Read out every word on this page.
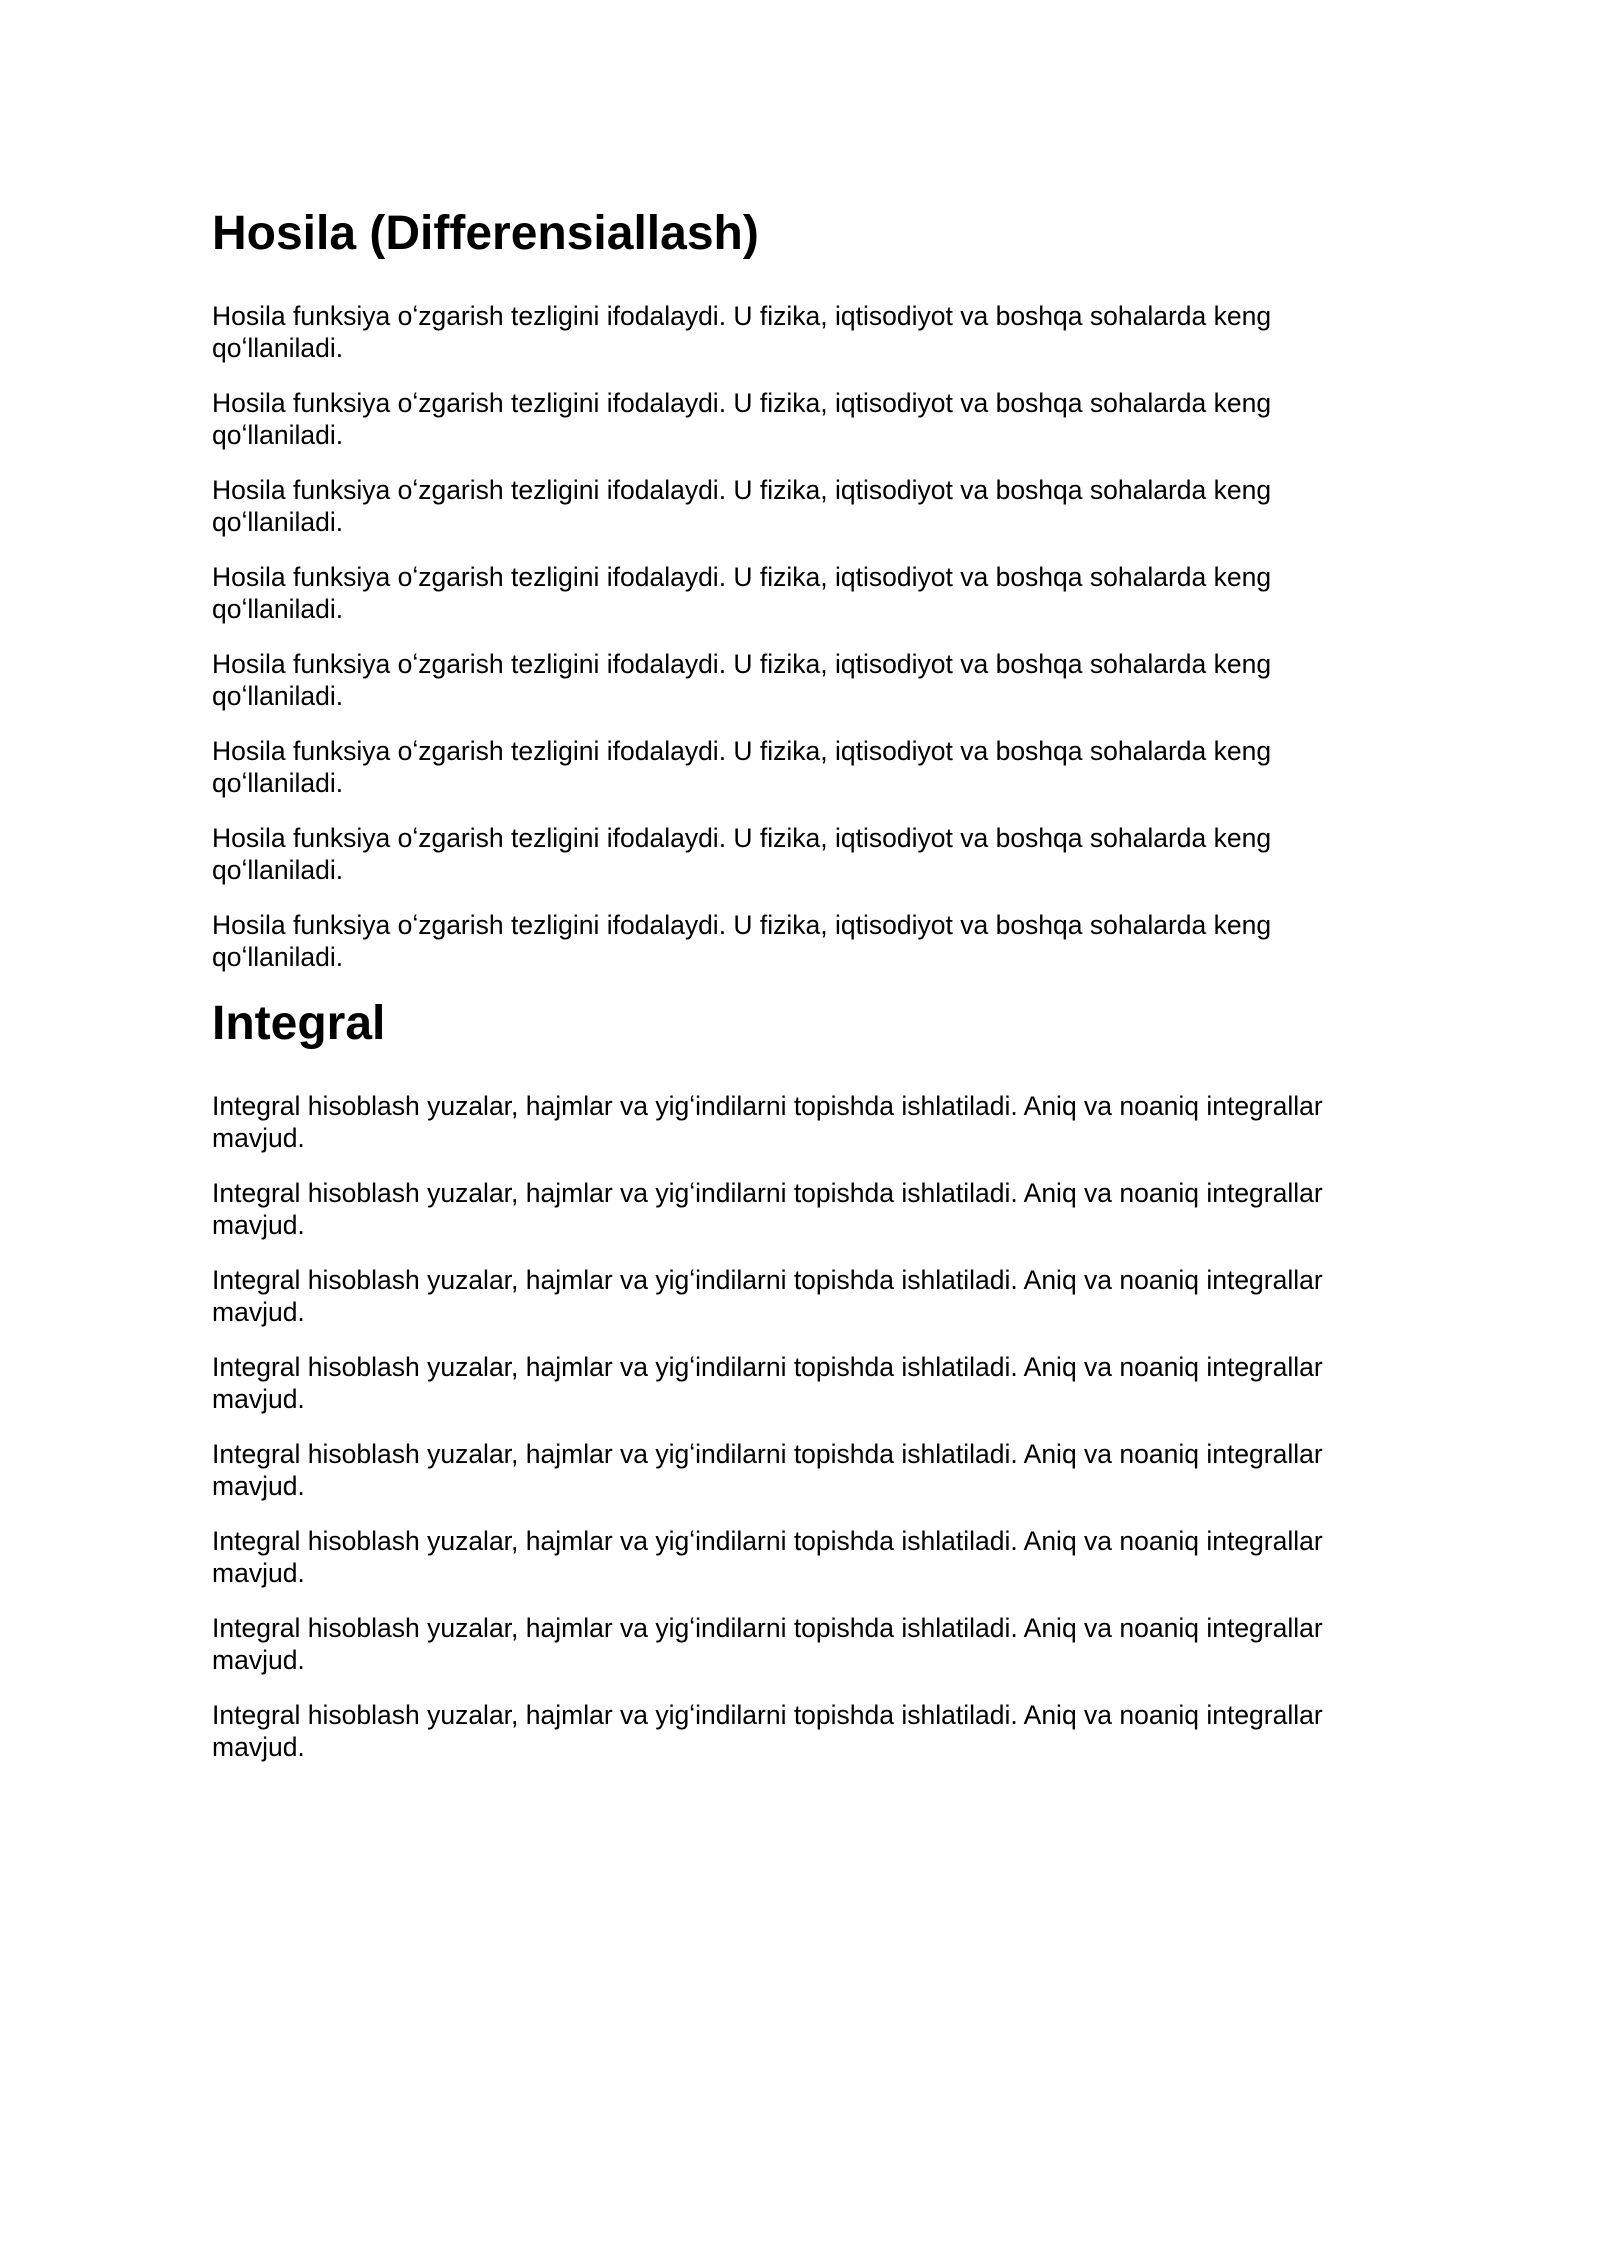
Hosila (Differensiallash)

Hosila funksiya oʻzgarish tezligini ifodalaydi. U fizika, iqtisodiyot va boshqa sohalarda keng qoʻllaniladi.

Hosila funksiya oʻzgarish tezligini ifodalaydi. U fizika, iqtisodiyot va boshqa sohalarda keng qoʻllaniladi.

Hosila funksiya oʻzgarish tezligini ifodalaydi. U fizika, iqtisodiyot va boshqa sohalarda keng qoʻllaniladi.

Hosila funksiya oʻzgarish tezligini ifodalaydi. U fizika, iqtisodiyot va boshqa sohalarda keng qoʻllaniladi.

Hosila funksiya oʻzgarish tezligini ifodalaydi. U fizika, iqtisodiyot va boshqa sohalarda keng qoʻllaniladi.

Hosila funksiya oʻzgarish tezligini ifodalaydi. U fizika, iqtisodiyot va boshqa sohalarda keng qoʻllaniladi.

Hosila funksiya oʻzgarish tezligini ifodalaydi. U fizika, iqtisodiyot va boshqa sohalarda keng qoʻllaniladi.

Hosila funksiya oʻzgarish tezligini ifodalaydi. U fizika, iqtisodiyot va boshqa sohalarda keng qoʻllaniladi.

Integral

Integral hisoblash yuzalar, hajmlar va yigʻindilarni topishda ishlatiladi. Aniq va noaniq integrallar mavjud.

Integral hisoblash yuzalar, hajmlar va yigʻindilarni topishda ishlatiladi. Aniq va noaniq integrallar mavjud.

Integral hisoblash yuzalar, hajmlar va yigʻindilarni topishda ishlatiladi. Aniq va noaniq integrallar mavjud.

Integral hisoblash yuzalar, hajmlar va yigʻindilarni topishda ishlatiladi. Aniq va noaniq integrallar mavjud.

Integral hisoblash yuzalar, hajmlar va yigʻindilarni topishda ishlatiladi. Aniq va noaniq integrallar mavjud.

Integral hisoblash yuzalar, hajmlar va yigʻindilarni topishda ishlatiladi. Aniq va noaniq integrallar mavjud.

Integral hisoblash yuzalar, hajmlar va yigʻindilarni topishda ishlatiladi. Aniq va noaniq integrallar mavjud.

Integral hisoblash yuzalar, hajmlar va yigʻindilarni topishda ishlatiladi. Aniq va noaniq integrallar mavjud.
